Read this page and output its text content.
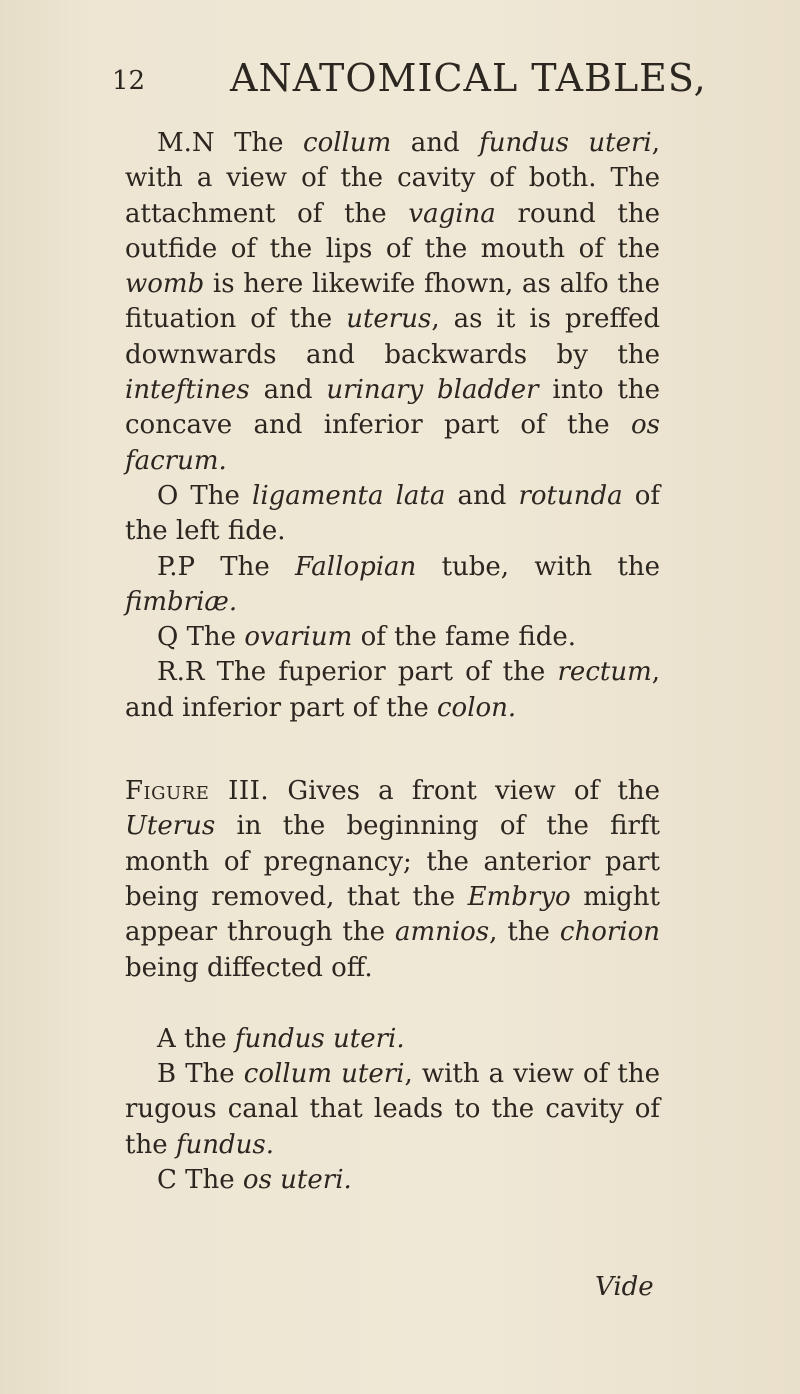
12 ANATOMICAL TABLES,

M.N The collum and fundus uteri, with a view of the cavity of both. The attachment of the vagina round the outfide of the lips of the mouth of the womb is here likewife fhown, as alfo the fituation of the uterus, as it is preffed downwards and backwards by the inteftines and urinary bladder into the concave and inferior part of the os facrum.

O The ligamenta lata and rotunda of the left fide.

P.P The Fallopian tube, with the fimbriæ.

Q The ovarium of the fame fide.

R.R The fuperior part of the rectum, and inferior part of the colon.

Figure III. Gives a front view of the Uterus in the beginning of the firft month of pregnancy; the anterior part being removed, that the Embryo might appear through the amnios, the chorion being diffected off.

A the fundus uteri.

B The collum uteri, with a view of the rugous canal that leads to the cavity of the fundus.

C The os uteri.

Vide
